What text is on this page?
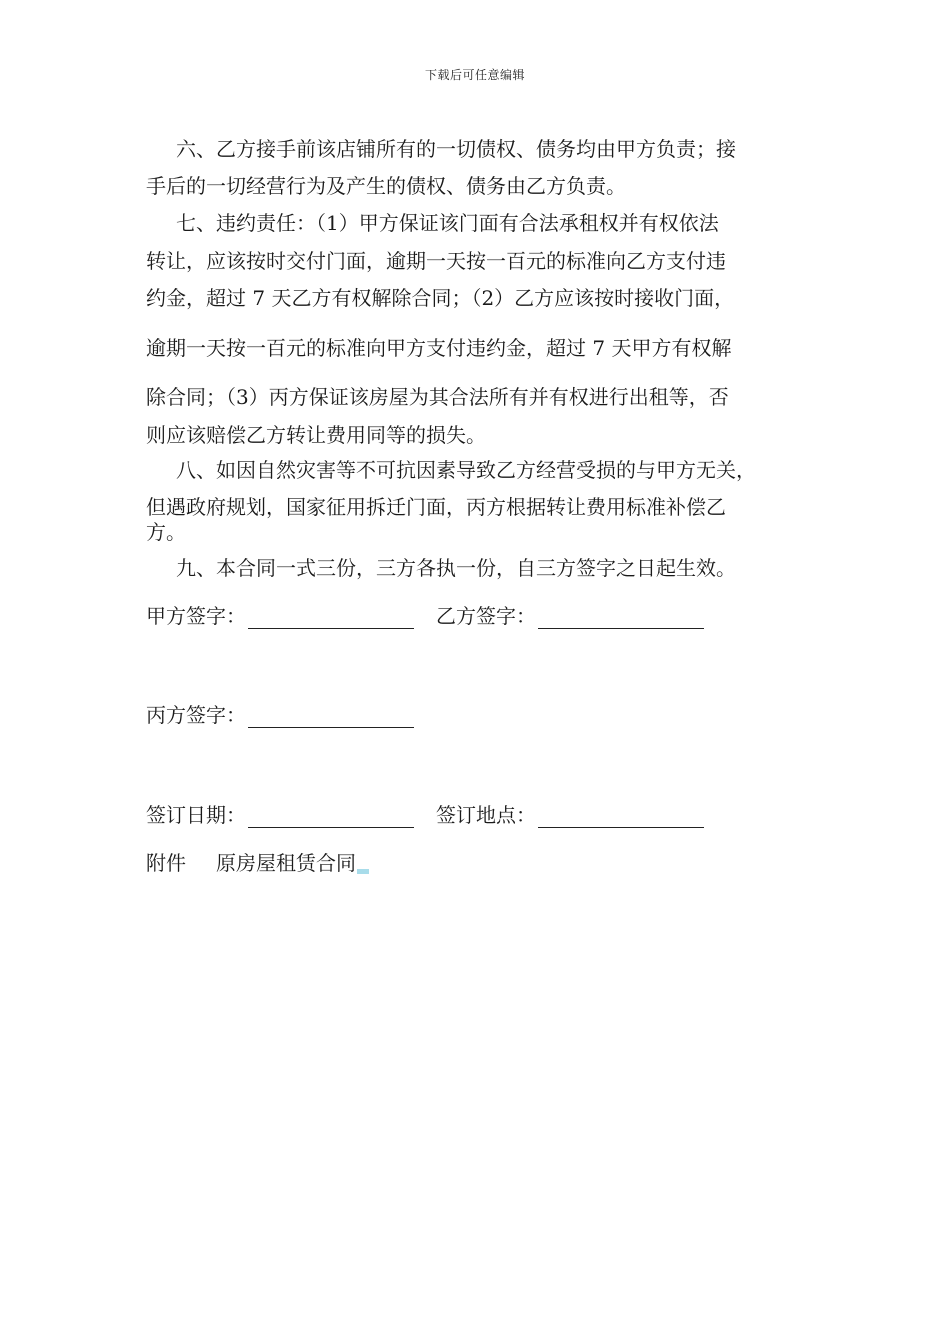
下载后可任意编辑
六、乙方接手前该店铺所有的一切债权、债务均由甲方负责；接
手后的一切经营行为及产生的债权、债务由乙方负责。
七、违约责任：（1）甲方保证该门面有合法承租权并有权依法
转让，应该按时交付门面，逾期一天按一百元的标准向乙方支付违
约金，超过 7 天乙方有权解除合同；（2）乙方应该按时接收门面，
逾期一天按一百元的标准向甲方支付违约金，超过 7 天甲方有权解
除合同；（3）丙方保证该房屋为其合法所有并有权进行出租等，否
则应该赔偿乙方转让费用同等的损失。
八、如因自然灾害等不可抗因素导致乙方经营受损的与甲方无关，
但遇政府规划，国家征用拆迁门面，丙方根据转让费用标准补偿乙
方。
九、本合同一式三份，三方各执一份，自三方签字之日起生效。
甲方签字：	乙方签字：
丙方签字：
签订日期：	签订地点：
附件 原房屋租赁合同
